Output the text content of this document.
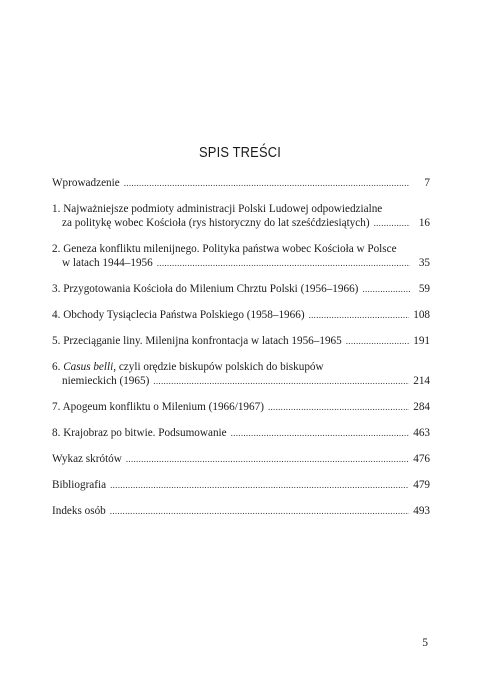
SPIS TREŚCI
Wprowadzenie .....	7
1. Najważniejsze podmioty administracji Polski Ludowej odpowiedzialne
za politykę wobec Kościoła (rys historyczny do lat sześćdziesiątych) .....	16
2. Geneza konfliktu milenijnego. Polityka państwa wobec Kościoła w Polsce
w latach 1944–1956 .....	35
3. Przygotowania Kościoła do Milenium Chrztu Polski (1956–1966) .....	59
4. Obchody Tysiąclecia Państwa Polskiego (1958–1966) .....	108
5. Przeciąganie liny. Milenijna konfrontacja w latach 1956–1965 .....	191
6. Casus belli, czyli orędzie biskupów polskich do biskupów
niemieckich (1965) .....	214
7. Apogeum konfliktu o Milenium (1966/1967) .....	284
8. Krajobraz po bitwie. Podsumowanie .....	463
Wykaz skrótów .....	476
Bibliografia .....	479
Indeks osób .....	493
5
